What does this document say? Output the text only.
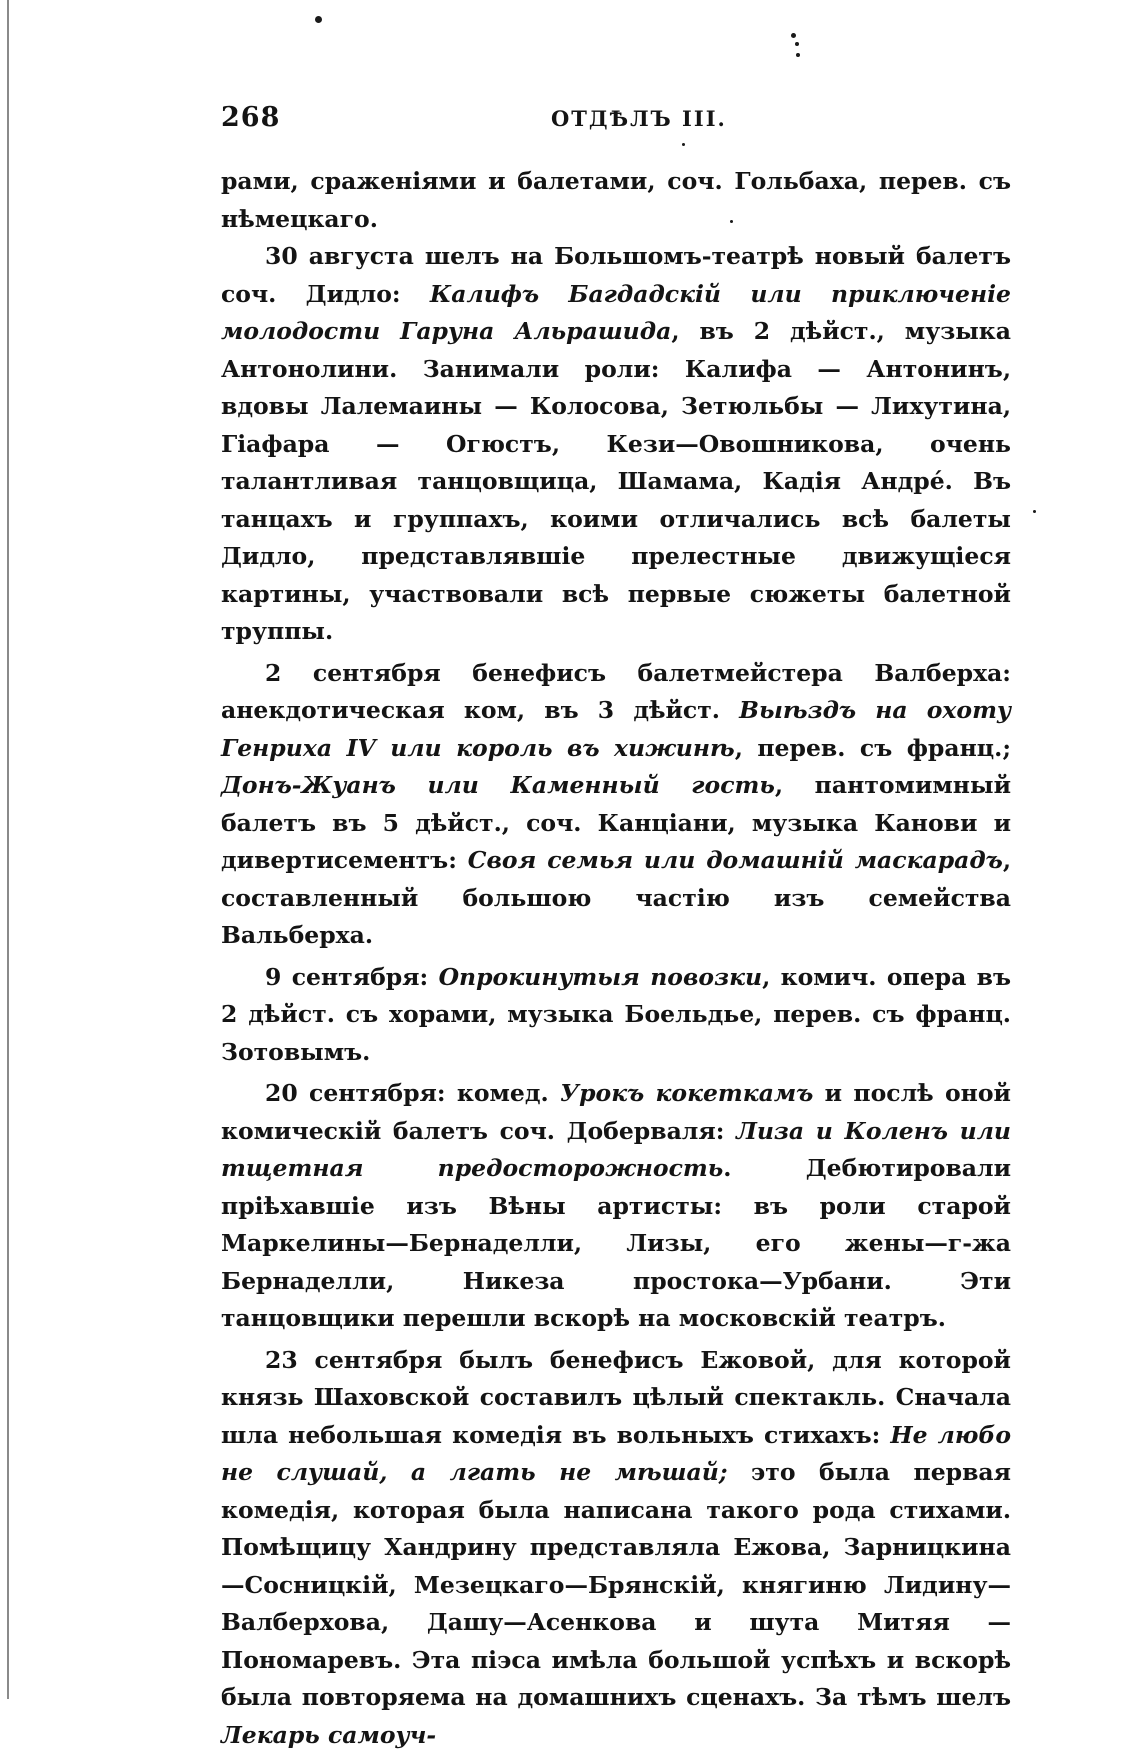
268	ОТДѢЛЪ III.

рами, сраженіями и балетами, соч. Гольбаха, перев. съ нѣмецкаго.

30 августа шелъ на Большомъ-театрѣ новый балетъ соч. Дидло: Калифъ Багдадскій или приключеніе молодости Гаруна Альрашида, въ 2 дѣйст., музыка Антонолини. Занимали роли: Калифа — Антонинъ, вдовы Лалемаины — Колосова, Зетюльбы — Лихутина, Гіафара — Огюстъ, Кези—Овошникова, очень талантливая танцовщица, Шамама, Кадія Андрé. Въ танцахъ и группахъ, коими отличались всѣ балеты Дидло, представлявшіе прелестные движущіеся картины, участвовали всѣ первые сюжеты балетной труппы.

2 сентября бенефисъ балетмейстера Валберха: анекдотическая ком, въ 3 дѣйст. Выѣздъ на охоту Генриха IV или король въ хижинѣ, перев. съ франц.; Донъ-Жуанъ или Каменный гость, пантомимный балетъ въ 5 дѣйст., соч. Канціани, музыка Канови и дивертисементъ: Своя семья или домашній маскарадъ, составленный большою частію изъ семейства Вальберха.

9 сентября: Опрокинутыя повозки, комич. опера въ 2 дѣйст. съ хорами, музыка Боельдье, перев. съ франц. Зотовымъ.

20 сентября: комед. Урокъ кокеткамъ и послѣ оной комическій балетъ соч. Доберваля: Лиза и Коленъ или тщетная предосторожность. Дебютировали пріѣхавшіе изъ Вѣны артисты: въ роли старой Маркелины—Бернаделли, Лизы, его жены—г-жа Бернаделли, Никеза простока—Урбани. Эти танцовщики перешли вскорѣ на московскій театръ.

23 сентября былъ бенефисъ Ежовой, для которой князь Шаховской составилъ цѣлый спектакль. Сначала шла небольшая комедія въ вольныхъ стихахъ: Не любо не слушай, а лгать не мѣшай; это была первая комедія, которая была написана такого рода стихами. Помѣщицу Хандрину представляла Ежова, Зарницкина—Сосницкій, Мезецкаго—Брянскій, княгиню Лидину—Валберхова, Дашу—Асенкова и шута Митяя — Пономаревъ. Эта піэса имѣла большой успѣхъ и вскорѣ была повторяема на домашнихъ сценахъ. За тѣмъ шелъ Лекарь самоуч-
